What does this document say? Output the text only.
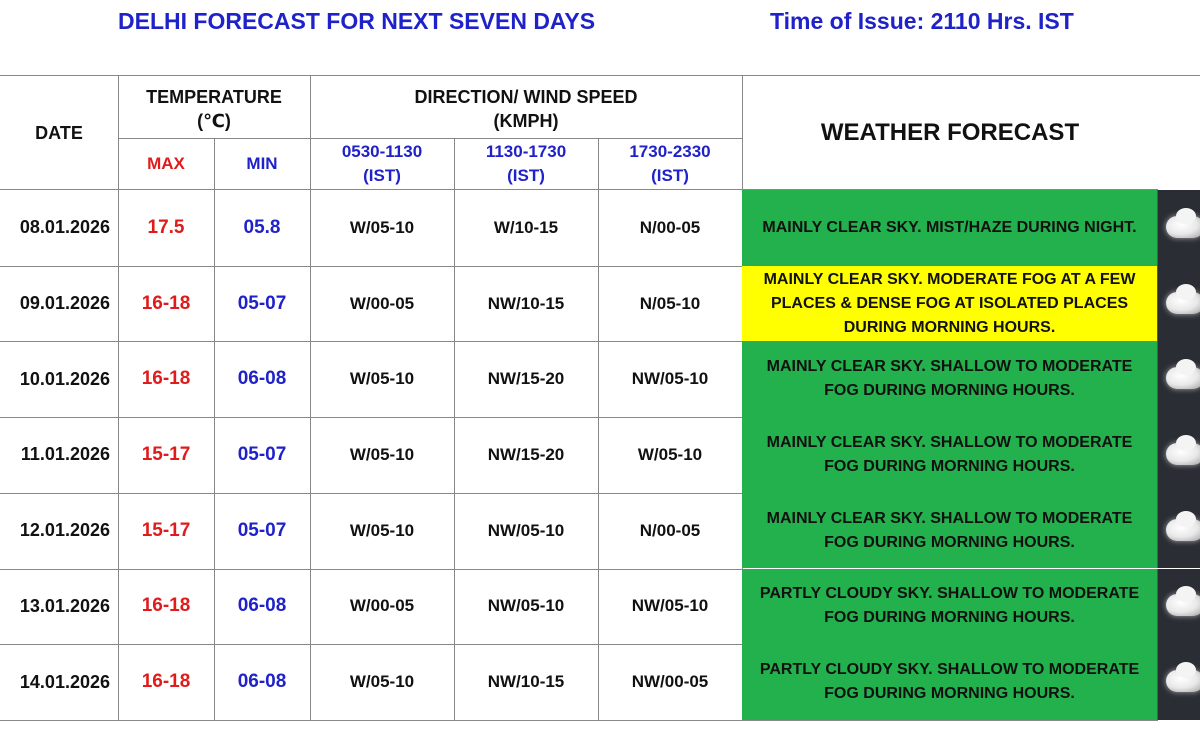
DELHI FORECAST FOR NEXT SEVEN DAYS	Time of Issue: 2110 Hrs. IST
DATE
TEMPERATURE
(℃)
MAX	MIN
DIRECTION/ WIND SPEED
(KMPH)
0530-1130
(IST)
1130-1730
(IST)
1730-2330
(IST)
WEATHER FORECAST
08.01.2026	17.5	05.8	W/05-10	W/10-15	N/00-05	MAINLY CLEAR SKY. MIST/HAZE DURING NIGHT.
09.01.2026	16-18	05-07	W/00-05	NW/10-15	N/05-10
MAINLY CLEAR SKY. MODERATE FOG AT A FEW PLACES & DENSE FOG AT ISOLATED PLACES DURING MORNING HOURS.
10.01.2026	16-18	06-08	W/05-10	NW/15-20	NW/05-10
MAINLY CLEAR SKY. SHALLOW TO MODERATE FOG DURING MORNING HOURS.
11.01.2026	15-17	05-07	W/05-10	NW/15-20	W/05-10
MAINLY CLEAR SKY. SHALLOW TO MODERATE FOG DURING MORNING HOURS.
12.01.2026	15-17	05-07	W/05-10	NW/05-10	N/00-05
MAINLY CLEAR SKY. SHALLOW TO MODERATE FOG DURING MORNING HOURS.
13.01.2026	16-18	06-08	W/00-05	NW/05-10	NW/05-10
PARTLY CLOUDY SKY. SHALLOW TO MODERATE FOG DURING MORNING HOURS.
14.01.2026	16-18	06-08	W/05-10	NW/10-15	NW/00-05
PARTLY CLOUDY SKY. SHALLOW TO MODERATE FOG DURING MORNING HOURS.
